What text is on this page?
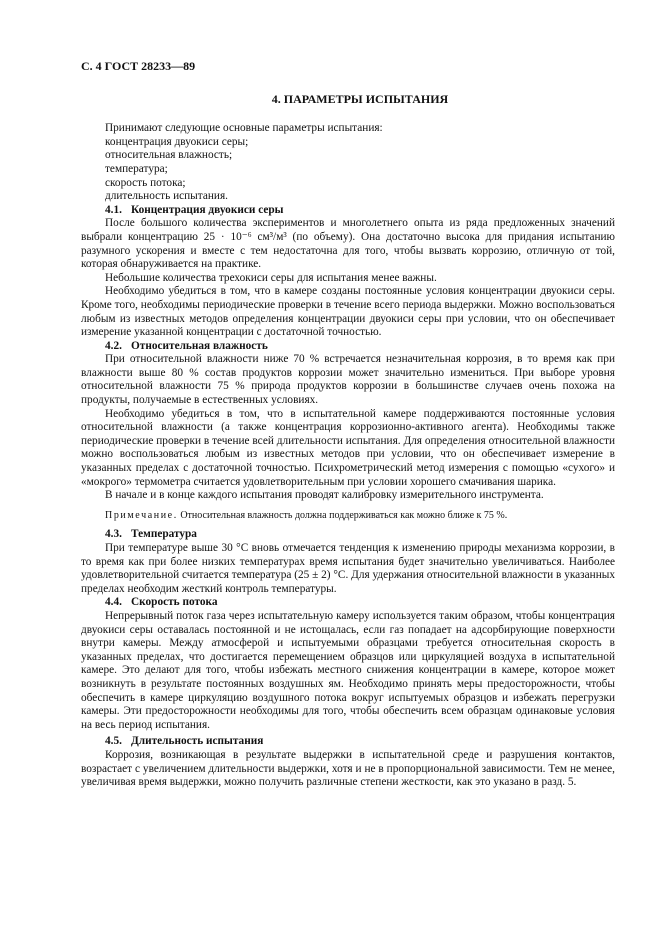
С. 4 ГОСТ 28233—89
4. ПАРАМЕТРЫ ИСПЫТАНИЯ
Принимают следующие основные параметры испытания:
концентрация двуокиси серы;
относительная влажность;
температура;
скорость потока;
длительность испытания.
4.1. Концентрация двуокиси серы

После большого количества экспериментов и многолетнего опыта из ряда предложенных значений выбрали концентрацию 25 · 10⁻⁶ см³/м³ (по объему). Она достаточно высока для придания испытанию разумного ускорения и вместе с тем недостаточна для того, чтобы вызвать коррозию, отличную от той, которая обнаруживается на практике.

Небольшие количества трехокиси серы для испытания менее важны.

Необходимо убедиться в том, что в камере созданы постоянные условия концентрации двуокиси серы. Кроме того, необходимы периодические проверки в течение всего периода выдержки. Можно воспользоваться любым из известных методов определения концентрации двуокиси серы при условии, что он обеспечивает измерение указанной концентрации с достаточной точностью.

4.2. Относительная влажность

При относительной влажности ниже 70 % встречается незначительная коррозия, в то время как при влажности выше 80 % состав продуктов коррозии может значительно измениться. При выборе уровня относительной влажности 75 % природа продуктов коррозии в большинстве случаев очень похожа на продукты, получаемые в естественных условиях.

Необходимо убедиться в том, что в испытательной камере поддерживаются постоянные условия относительной влажности (а также концентрация коррозионно-активного агента). Необходимы также периодические проверки в течение всей длительности испытания. Для определения относительной влажности можно воспользоваться любым из известных методов при условии, что он обеспечивает измерение в указанных пределах с достаточной точностью. Психрометрический метод измерения с помощью «сухого» и «мокрого» термометра считается удовлетворительным при условии хорошего смачивания шарика.

В начале и в конце каждого испытания проводят калибровку измерительного инструмента.

Примечание. Относительная влажность должна поддерживаться как можно ближе к 75 %.
4.3. Температура

При температуре выше 30 °С вновь отмечается тенденция к изменению природы механизма коррозии, в то время как при более низких температурах время испытания будет значительно увеличиваться. Наиболее удовлетворительной считается температура (25 ± 2) °С. Для удержания относительной влажности в указанных пределах необходим жесткий контроль температуры.

4.4. Скорость потока

Непрерывный поток газа через испытательную камеру используется таким образом, чтобы концентрация двуокиси серы оставалась постоянной и не истощалась, если газ попадает на адсорбирующие поверхности внутри камеры. Между атмосферой и испытуемыми образцами требуется относительная скорость в указанных пределах, что достигается перемещением образцов или циркуляцией воздуха в испытательной камере. Это делают для того, чтобы избежать местного снижения концентрации в камере, которое может возникнуть в результате постоянных воздушных ям. Необходимо принять меры предосторожности, чтобы обеспечить в камере циркуляцию воздушного потока вокруг испытуемых образцов и избежать перегрузки камеры. Эти предосторожности необходимы для того, чтобы обеспечить всем образцам одинаковые условия на весь период испытания.

4.5. Длительность испытания

Коррозия, возникающая в результате выдержки в испытательной среде и разрушения контактов, возрастает с увеличением длительности выдержки, хотя и не в пропорциональной зависимости. Тем не менее, увеличивая время выдержки, можно получить различные степени жесткости, как это указано в разд. 5.
